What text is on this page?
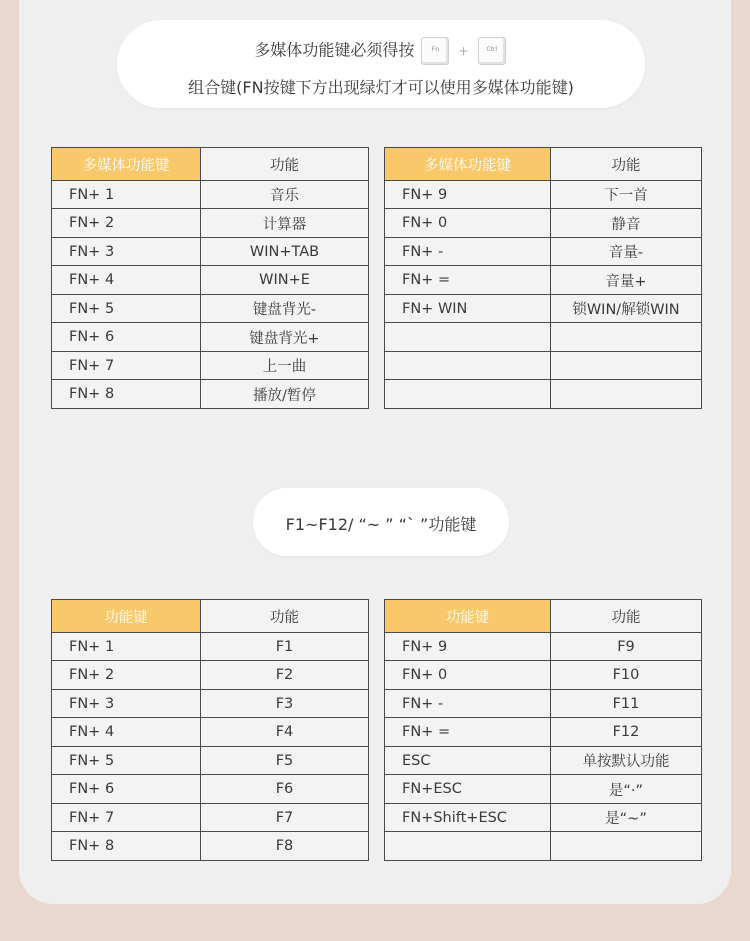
多媒体功能键必须得按	Fn	+	Ctrl
组合键(FN按键下方出现绿灯才可以使用多媒体功能键)
多媒体功能键	功能
FN+ 1	音乐
FN+ 2	计算器
FN+ 3	WIN+TAB
FN+ 4	WIN+E
FN+ 5	键盘背光-
FN+ 6	键盘背光+
FN+ 7	上一曲
FN+ 8	播放/暂停
多媒体功能键	功能
FN+ 9	下一首
FN+ 0	静音
FN+ -	音量-
FN+ =	音量+
FN+ WIN	锁WIN/解锁WIN

F1~F12/ “~ ” “` ”功能键
功能键	功能
FN+ 1	F1
FN+ 2	F2
FN+ 3	F3
FN+ 4	F4
FN+ 5	F5
FN+ 6	F6
FN+ 7	F7
FN+ 8	F8
功能键	功能
FN+ 9	F9
FN+ 0	F10
FN+ -	F11
FN+ =	F12
ESC	单按默认功能
FN+ESC	是“·”
FN+Shift+ESC	是“~”
